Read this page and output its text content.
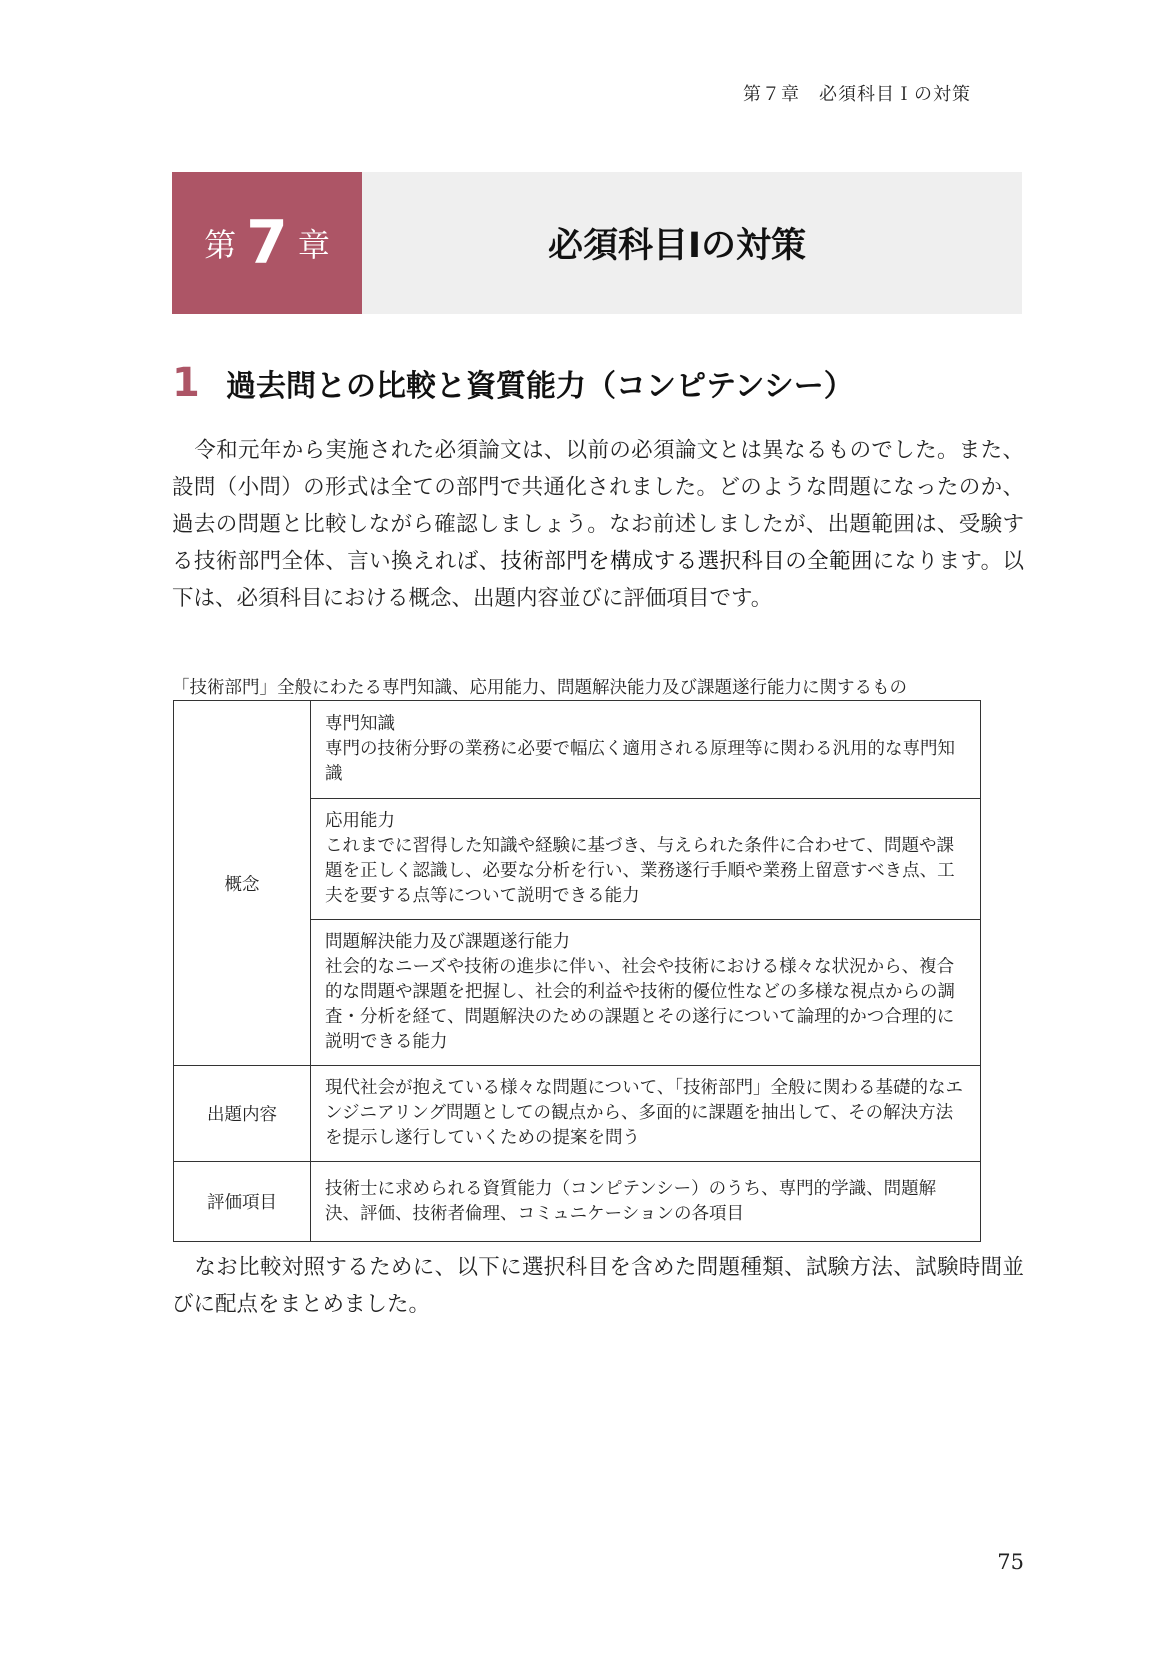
第７章　必須科目Ｉの対策
第 7 章	必須科目Ⅰの対策
1 過去問との比較と資質能力（コンピテンシー）
令和元年から実施された必須論文は、以前の必須論文とは異なるものでした。また、設問（小問）の形式は全ての部門で共通化されました。どのような問題になったのか、過去の問題と比較しながら確認しましょう。なお前述しましたが、出題範囲は、受験する技術部門全体、言い換えれば、技術部門を構成する選択科目の全範囲になります。以下は、必須科目における概念、出題内容並びに評価項目です。
「技術部門」全般にわたる専門知識、応用能力、問題解決能力及び課題遂行能力に関するもの
概念	専門知識
専門の技術分野の業務に必要で幅広く適用される原理等に関わる汎用的な専門知識

	応用能力
これまでに習得した知識や経験に基づき、与えられた条件に合わせて、問題や課題を正しく認識し、必要な分析を行い、業務遂行手順や業務上留意すべき点、工夫を要する点等について説明できる能力

	問題解決能力及び課題遂行能力
社会的なニーズや技術の進歩に伴い、社会や技術における様々な状況から、複合的な問題や課題を把握し、社会的利益や技術的優位性などの多様な視点からの調査・分析を経て、問題解決のための課題とその遂行について論理的かつ合理的に説明できる能力

出題内容	現代社会が抱えている様々な問題について、「技術部門」全般に関わる基礎的なエンジニアリング問題としての観点から、多面的に課題を抽出して、その解決方法を提示し遂行していくための提案を問う
評価項目	技術士に求められる資質能力（コンピテンシー）のうち、専門的学識、問題解決、評価、技術者倫理、コミュニケーションの各項目
なお比較対照するために、以下に選択科目を含めた問題種類、試験方法、試験時間並びに配点をまとめました。
75
